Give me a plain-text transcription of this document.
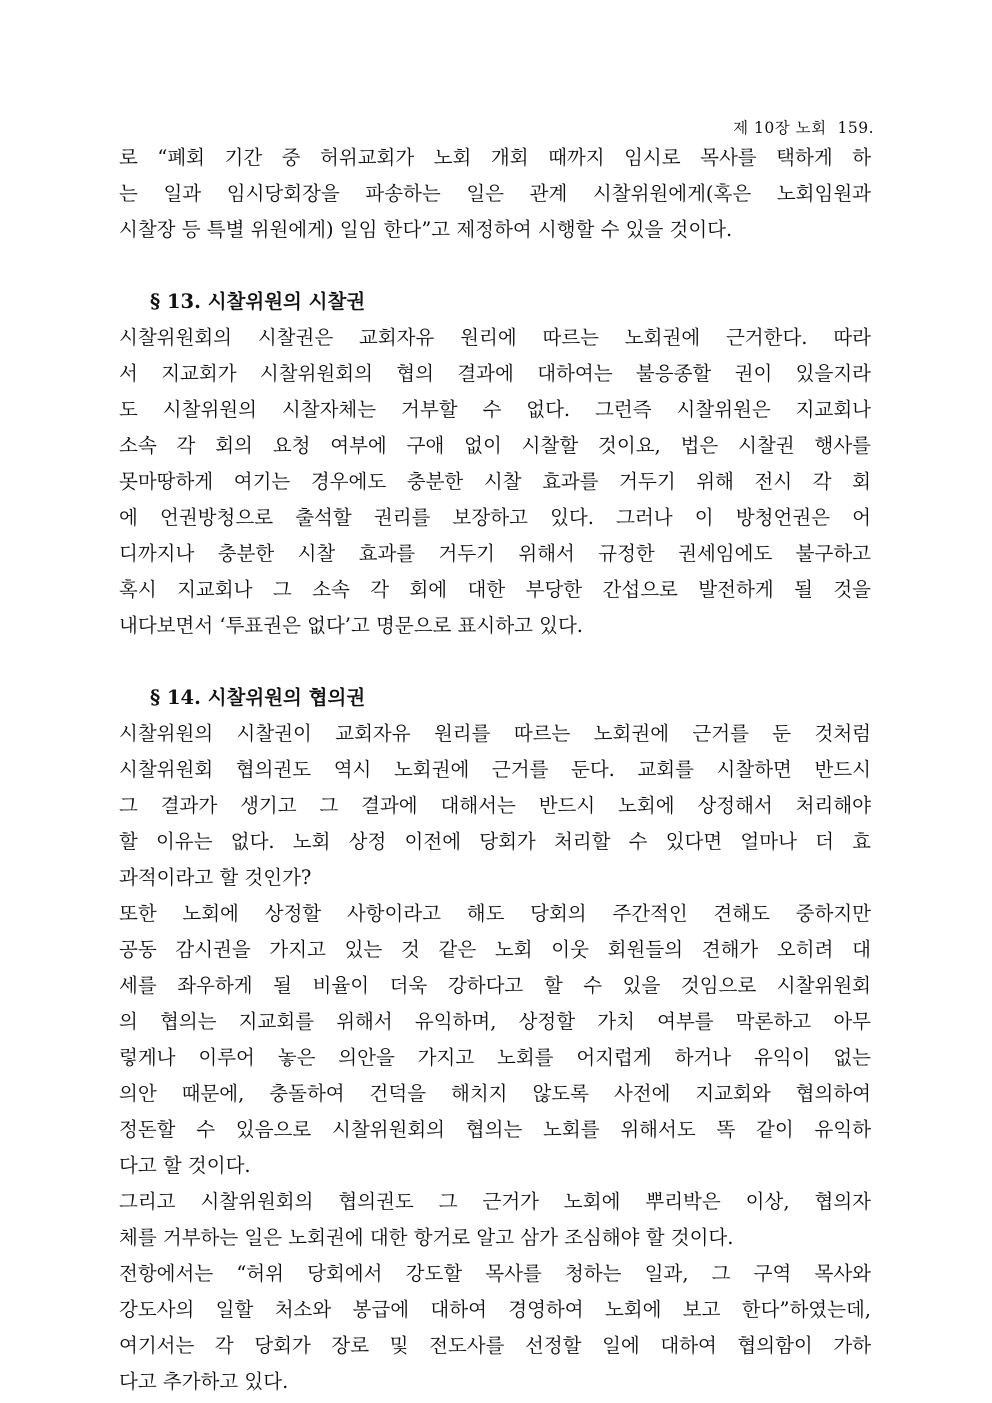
제 10장 노회  159.
로 “폐회 기간 중 허위교회가 노회 개회 때까지 임시로 목사를 택하게 하
는 일과 임시당회장을 파송하는 일은 관계 시찰위원에게(혹은 노회임원과
시찰장 등 특별 위원에게) 일임 한다”고 제정하여 시행할 수 있을 것이다.
§ 13. 시찰위원의 시찰권
시찰위원회의 시찰권은 교회자유 원리에 따르는 노회권에 근거한다. 따라
서 지교회가 시찰위원회의 협의 결과에 대하여는 불응종할 권이 있을지라
도 시찰위원의 시찰자체는 거부할 수 없다. 그런즉 시찰위원은 지교회나
소속 각 회의 요청 여부에 구애 없이 시찰할 것이요, 법은 시찰권 행사를
못마땅하게 여기는 경우에도 충분한 시찰 효과를 거두기 위해 전시 각 회
에 언권방청으로 출석할 권리를 보장하고 있다. 그러나 이 방청언권은 어
디까지나 충분한 시찰 효과를 거두기 위해서 규정한 권세임에도 불구하고
혹시 지교회나 그 소속 각 회에 대한 부당한 간섭으로 발전하게 될 것을
내다보면서 ‘투표권은 없다’고 명문으로 표시하고 있다.
§ 14. 시찰위원의 협의권
시찰위원의 시찰권이 교회자유 원리를 따르는 노회권에 근거를 둔 것처럼
시찰위원회 협의권도 역시 노회권에 근거를 둔다. 교회를 시찰하면 반드시
그 결과가 생기고 그 결과에 대해서는 반드시 노회에 상정해서 처리해야
할 이유는 없다. 노회 상정 이전에 당회가 처리할 수 있다면 얼마나 더 효
과적이라고 할 것인가?
또한 노회에 상정할 사항이라고 해도 당회의 주간적인 견해도 중하지만
공동 감시권을 가지고 있는 것 같은 노회 이웃 회원들의 견해가 오히려 대
세를 좌우하게 될 비율이 더욱 강하다고 할 수 있을 것임으로 시찰위원회
의 협의는 지교회를 위해서 유익하며, 상정할 가치 여부를 막론하고 아무
렇게나 이루어 놓은 의안을 가지고 노회를 어지럽게 하거나 유익이 없는
의안 때문에, 충돌하여 건덕을 해치지 않도록 사전에 지교회와 협의하여
정돈할 수 있음으로 시찰위원회의 협의는 노회를 위해서도 똑 같이 유익하
다고 할 것이다.
그리고 시찰위원회의 협의권도 그 근거가 노회에 뿌리박은 이상, 협의자
체를 거부하는 일은 노회권에 대한 항거로 알고 삼가 조심해야 할 것이다.
전항에서는 “허위 당회에서 강도할 목사를 청하는 일과, 그 구역 목사와
강도사의 일할 처소와 봉급에 대하여 경영하여 노회에 보고 한다”하였는데,
여기서는 각 당회가 장로 및 전도사를 선정할 일에 대하여 협의함이 가하
다고 추가하고 있다.
